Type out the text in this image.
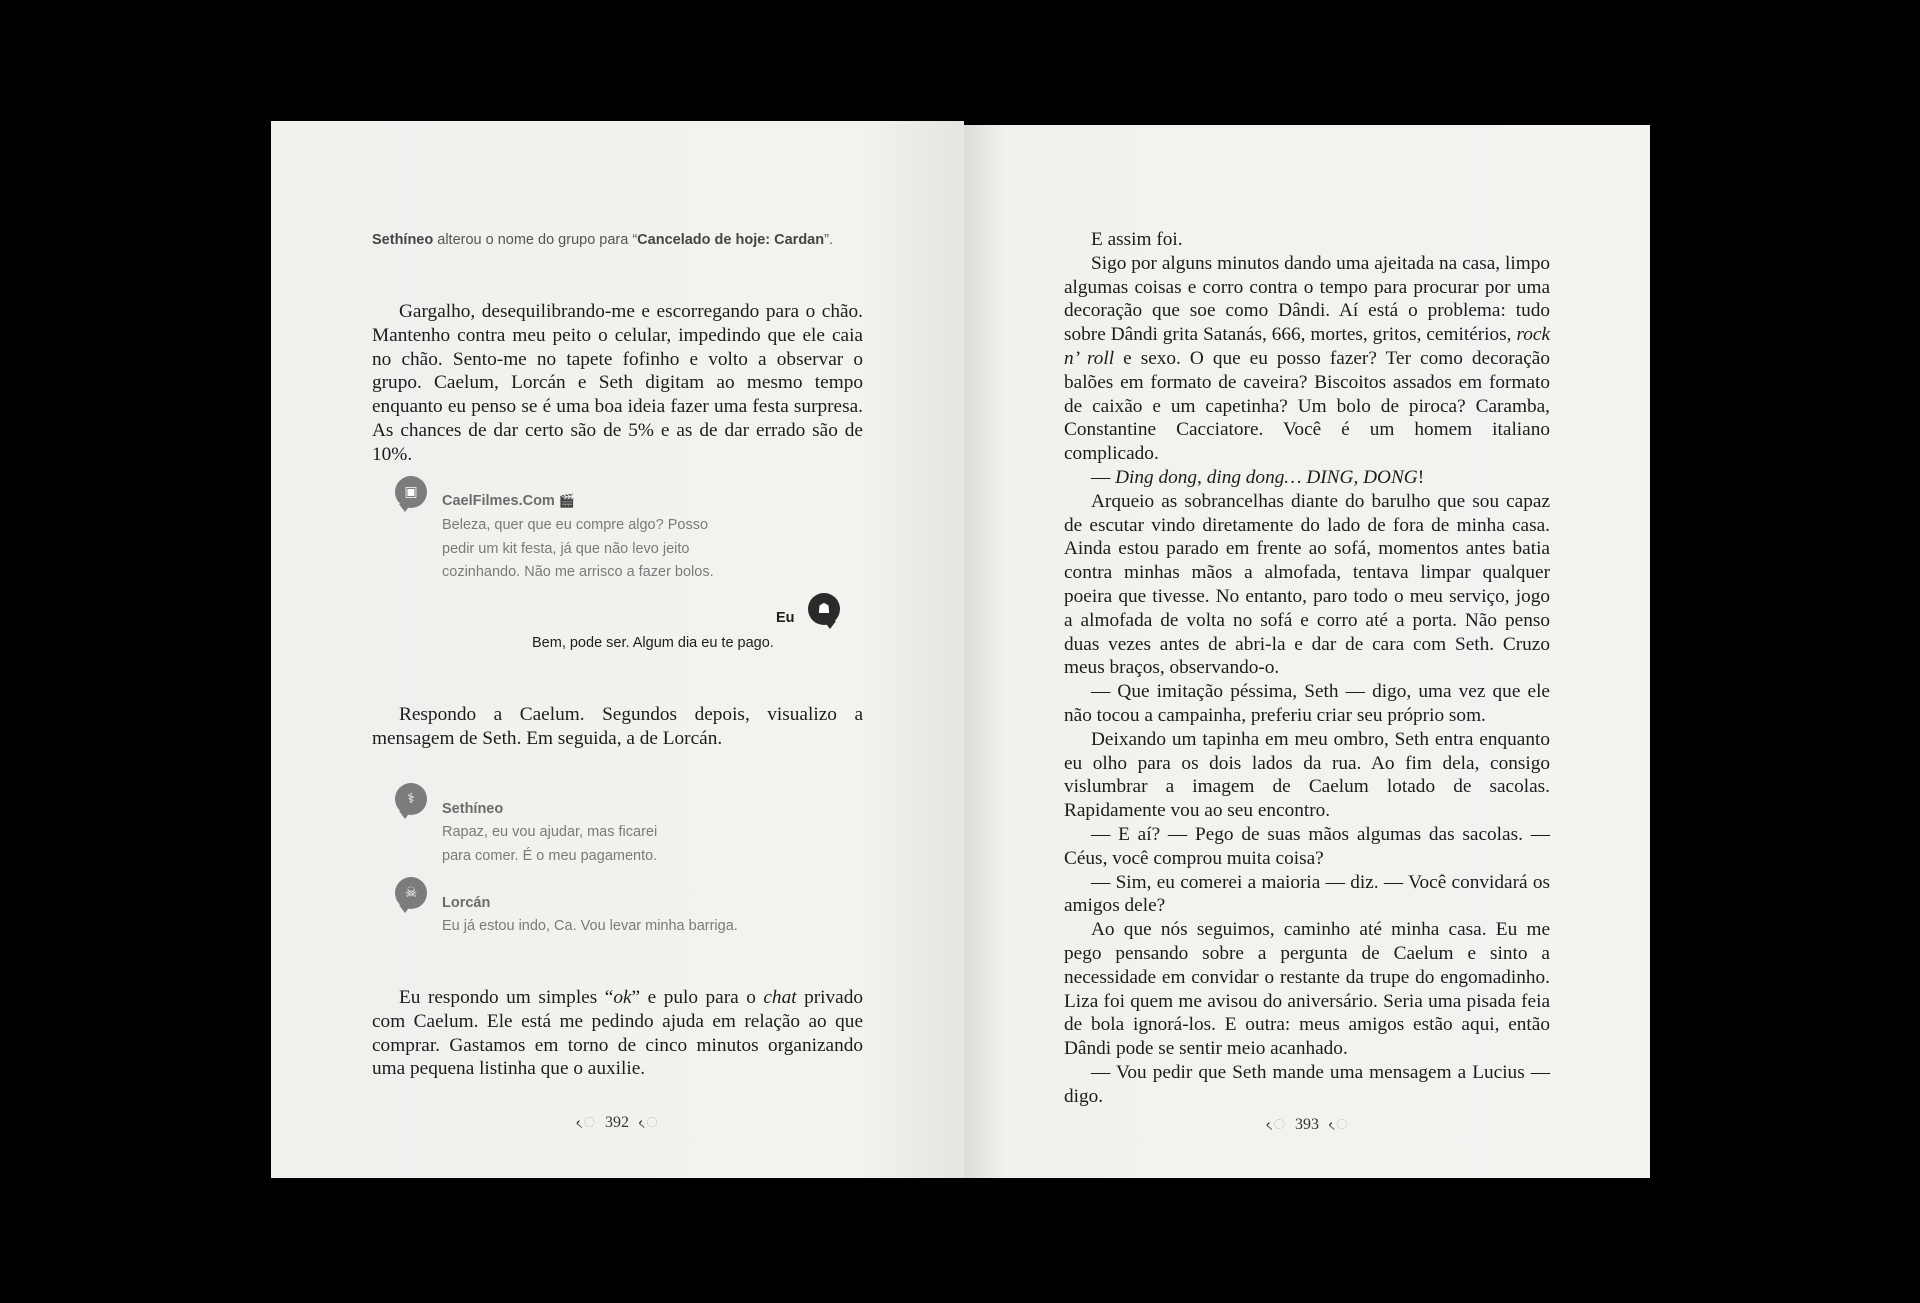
Sethíneo alterou o nome do grupo para “Cancelado de hoje: Cardan”.

Gargalho, desequilibrando-me e escorregando para o chão. Mantenho contra meu peito o celular, impedindo que ele caia no chão. Sento-me no tapete fofinho e volto a observar o grupo. Caelum, Lorcán e Seth digitam ao mesmo tempo enquanto eu penso se é uma boa ideia fazer uma festa surpresa. As chances de dar certo são de 5% e as de dar errado são de 10%.

▣
CaelFilmes.Com 🎬
Beleza, quer que eu compre algo? Posso
pedir um kit festa, já que não levo jeito
cozinhando. Não me arrisco a fazer bolos.
☗
Eu
Bem, pode ser. Algum dia eu te pago.

Respondo a Caelum. Segundos depois, visualizo a mensagem de Seth. Em seguida, a de Lorcán.

⚕
Sethíneo
Rapaz, eu vou ajudar, mas ficarei
para comer. É o meu pagamento.
☠
Lorcán
Eu já estou indo, Ca. Vou levar minha barriga.

Eu respondo um simples “ok” e pulo para o chat privado com Caelum. Ele está me pedindo ajuda em relação ao que comprar. Gastamos em torno de cinco minutos organizando uma pequena listinha que o auxilie.

ᨙ 392 ᨙ

E assim foi.

Sigo por alguns minutos dando uma ajeitada na casa, limpo algumas coisas e corro contra o tempo para procurar por uma decoração que soe como Dândi. Aí está o problema: tudo sobre Dândi grita Satanás, 666, mortes, gritos, cemitérios, rock n’ roll e sexo. O que eu posso fazer? Ter como decoração balões em formato de caveira? Biscoitos assados em formato de caixão e um capetinha? Um bolo de piroca? Caramba, Constantine Cacciatore. Você é um homem italiano complicado.

— Ding dong, ding dong… DING, DONG!

Arqueio as sobrancelhas diante do barulho que sou capaz de escutar vindo diretamente do lado de fora de minha casa. Ainda estou parado em frente ao sofá, momentos antes batia contra minhas mãos a almofada, tentava limpar qualquer poeira que tivesse. No entanto, paro todo o meu serviço, jogo a almofada de volta no sofá e corro até a porta. Não penso duas vezes antes de abri-la e dar de cara com Seth. Cruzo meus braços, observando-o.

— Que imitação péssima, Seth — digo, uma vez que ele não tocou a campainha, preferiu criar seu próprio som.

Deixando um tapinha em meu ombro, Seth entra enquanto eu olho para os dois lados da rua. Ao fim dela, consigo vislumbrar a imagem de Caelum lotado de sacolas. Rapidamente vou ao seu encontro.

— E aí? — Pego de suas mãos algumas das sacolas. — Céus, você comprou muita coisa?

— Sim, eu comerei a maioria — diz. — Você convidará os amigos dele?

Ao que nós seguimos, caminho até minha casa. Eu me pego pensando sobre a pergunta de Caelum e sinto a necessidade em convidar o restante da trupe do engomadinho. Liza foi quem me avisou do aniversário. Seria uma pisada feia de bola ignorá-los. E outra: meus amigos estão aqui, então Dândi pode se sentir meio acanhado.

— Vou pedir que Seth mande uma mensagem a Lucius — digo.

ᨙ 393 ᨙ
